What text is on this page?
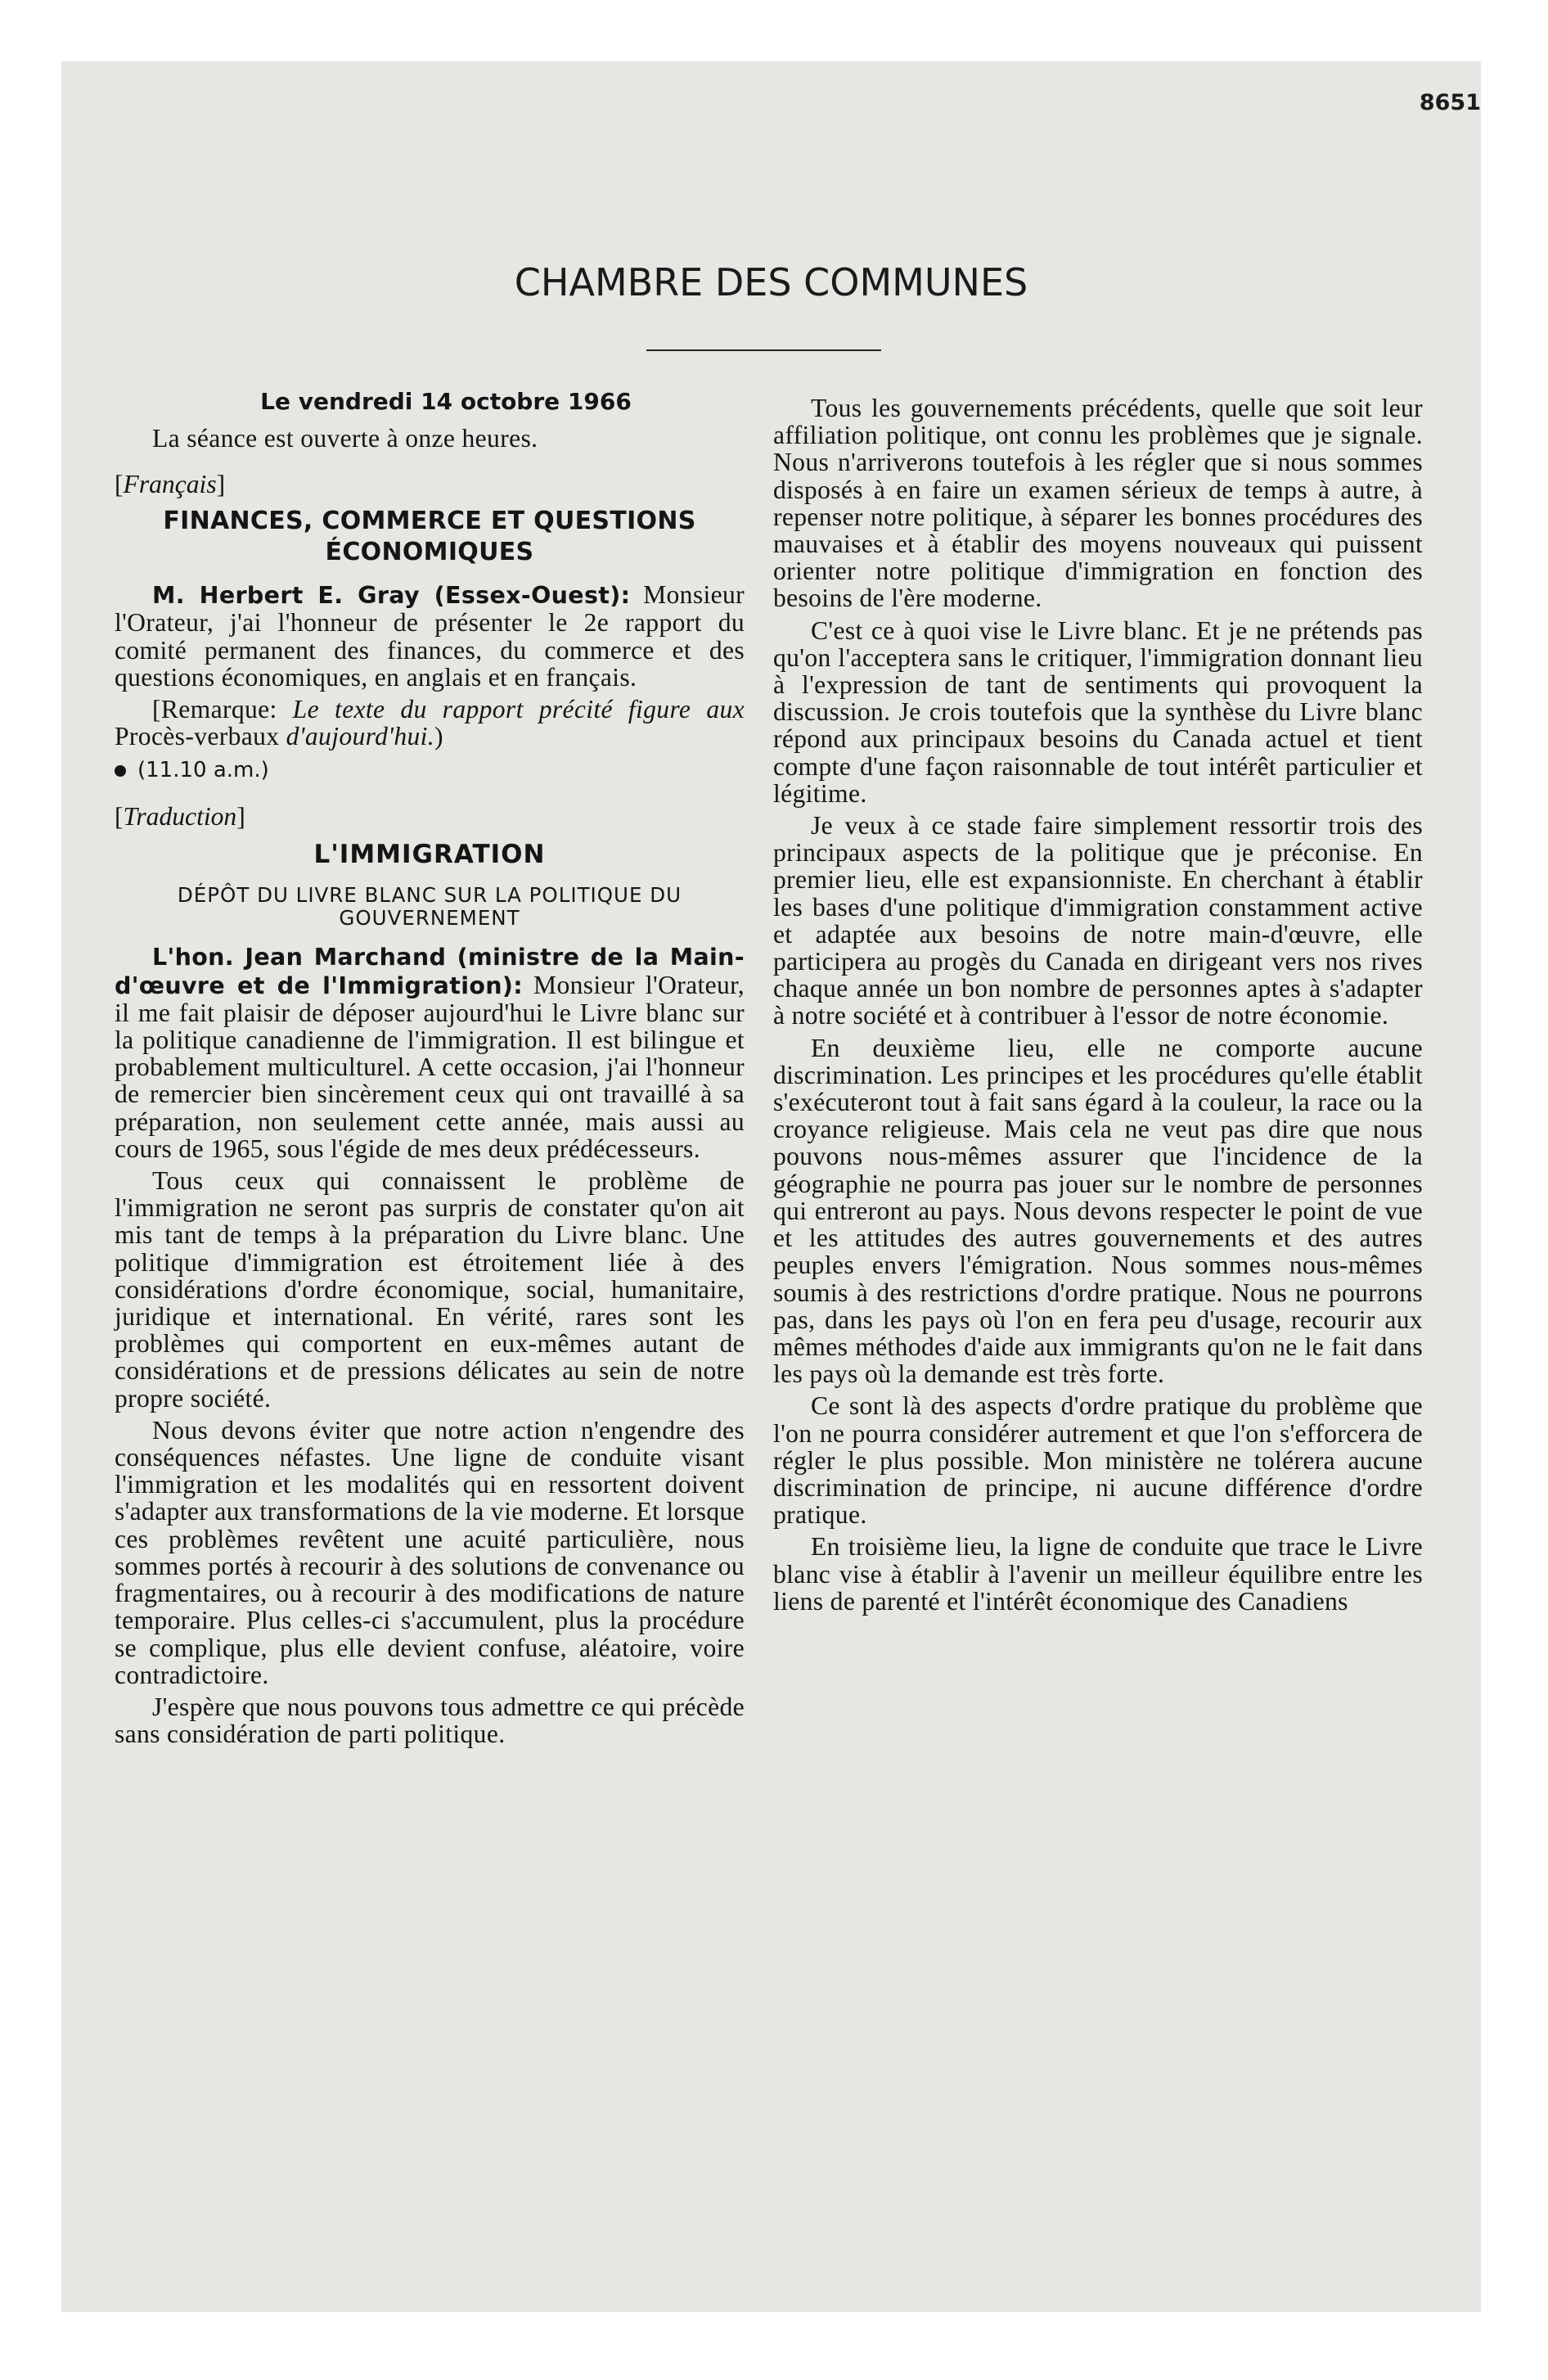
8651
CHAMBRE DES COMMUNES
Le vendredi 14 octobre 1966

La séance est ouverte à onze heures.

[Français]
FINANCES, COMMERCE ET QUESTIONS ÉCONOMIQUES

M. Herbert E. Gray (Essex-Ouest): Monsieur l'Orateur, j'ai l'honneur de présenter le 2e rapport du comité permanent des finances, du commerce et des questions économiques, en anglais et en français.

[Remarque: Le texte du rapport précité figure aux Procès-verbaux d'aujourd'hui.)

(11.10 a.m.)
[Traduction]
L'IMMIGRATION
DÉPÔT DU LIVRE BLANC SUR LA POLITIQUE DU GOUVERNEMENT

L'hon. Jean Marchand (ministre de la Main-d'œuvre et de l'Immigration): Monsieur l'Orateur, il me fait plaisir de déposer aujourd'hui le Livre blanc sur la politique canadienne de l'immigration. Il est bilingue et probablement multiculturel. A cette occasion, j'ai l'honneur de remercier bien sincèrement ceux qui ont travaillé à sa préparation, non seulement cette année, mais aussi au cours de 1965, sous l'égide de mes deux prédécesseurs.

Tous ceux qui connaissent le problème de l'immigration ne seront pas surpris de constater qu'on ait mis tant de temps à la préparation du Livre blanc. Une politique d'immigration est étroitement liée à des considérations d'ordre économique, social, humanitaire, juridique et international. En vérité, rares sont les problèmes qui comportent en eux-mêmes autant de considérations et de pressions délicates au sein de notre propre société.

Nous devons éviter que notre action n'engendre des conséquences néfastes. Une ligne de conduite visant l'immigration et les modalités qui en ressortent doivent s'adapter aux transformations de la vie moderne. Et lorsque ces problèmes revêtent une acuité particulière, nous sommes portés à recourir à des solutions de convenance ou fragmentaires, ou à recourir à des modifications de nature temporaire. Plus celles-ci s'accumulent, plus la procédure se complique, plus elle devient confuse, aléatoire, voire contradictoire.

J'espère que nous pouvons tous admettre ce qui précède sans considération de parti politique.

Tous les gouvernements précédents, quelle que soit leur affiliation politique, ont connu les problèmes que je signale. Nous n'arriverons toutefois à les régler que si nous sommes disposés à en faire un examen sérieux de temps à autre, à repenser notre politique, à séparer les bonnes procédures des mauvaises et à établir des moyens nouveaux qui puissent orienter notre politique d'immigration en fonction des besoins de l'ère moderne.

C'est ce à quoi vise le Livre blanc. Et je ne prétends pas qu'on l'acceptera sans le critiquer, l'immigration donnant lieu à l'expression de tant de sentiments qui provoquent la discussion. Je crois toutefois que la synthèse du Livre blanc répond aux principaux besoins du Canada actuel et tient compte d'une façon raisonnable de tout intérêt particulier et légitime.

Je veux à ce stade faire simplement ressortir trois des principaux aspects de la politique que je préconise. En premier lieu, elle est expansionniste. En cherchant à établir les bases d'une politique d'immigration constamment active et adaptée aux besoins de notre main-d'œuvre, elle participera au progès du Canada en dirigeant vers nos rives chaque année un bon nombre de personnes aptes à s'adapter à notre société et à contribuer à l'essor de notre économie.

En deuxième lieu, elle ne comporte aucune discrimination. Les principes et les procédures qu'elle établit s'exécuteront tout à fait sans égard à la couleur, la race ou la croyance religieuse. Mais cela ne veut pas dire que nous pouvons nous-mêmes assurer que l'incidence de la géographie ne pourra pas jouer sur le nombre de personnes qui entreront au pays. Nous devons respecter le point de vue et les attitudes des autres gouvernements et des autres peuples envers l'émigration. Nous sommes nous-mêmes soumis à des restrictions d'ordre pratique. Nous ne pourrons pas, dans les pays où l'on en fera peu d'usage, recourir aux mêmes méthodes d'aide aux immigrants qu'on ne le fait dans les pays où la demande est très forte.

Ce sont là des aspects d'ordre pratique du problème que l'on ne pourra considérer autrement et que l'on s'efforcera de régler le plus possible. Mon ministère ne tolérera aucune discrimination de principe, ni aucune différence d'ordre pratique.

En troisième lieu, la ligne de conduite que trace le Livre blanc vise à établir à l'avenir un meilleur équilibre entre les liens de parenté et l'intérêt économique des Canadiens
